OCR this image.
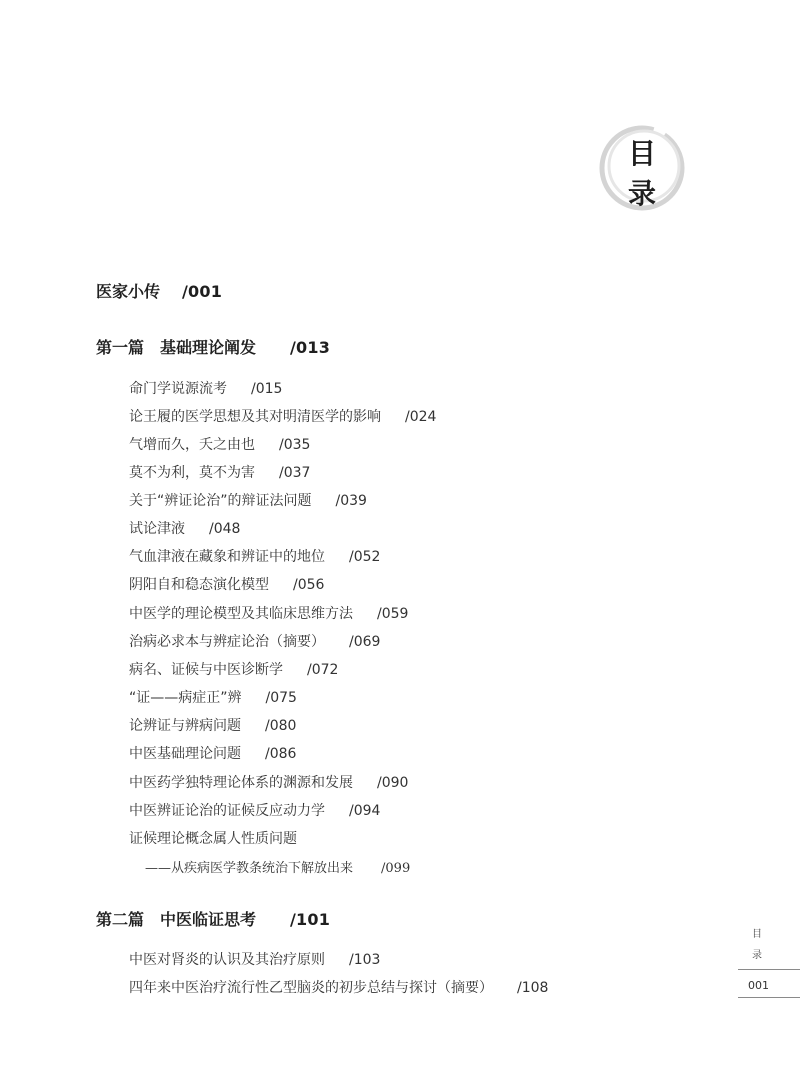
目
录
医家小传 /001
第一篇　基础理论阐发 /013
第二篇　中医临证思考 /101
命门学说源流考 /015
论王履的医学思想及其对明清医学的影响 /024
气增而久，夭之由也 /035
莫不为利，莫不为害 /037
关于“辨证论治”的辩证法问题 /039
试论津液 /048
气血津液在藏象和辨证中的地位 /052
阴阳自和稳态演化模型 /056
中医学的理论模型及其临床思维方法 /059
治病必求本与辨症论治（摘要） /069
病名、证候与中医诊断学 /072
“证——病症正”辨 /075
论辨证与辨病问题 /080
中医基础理论问题 /086
中医药学独特理论体系的渊源和发展 /090
中医辨证论治的证候反应动力学 /094
证候理论概念属人性质问题
——从疾病医学教条统治下解放出来 /099
中医对肾炎的认识及其治疗原则 /103
四年来中医治疗流行性乙型脑炎的初步总结与探讨（摘要） /108
目
录
001
